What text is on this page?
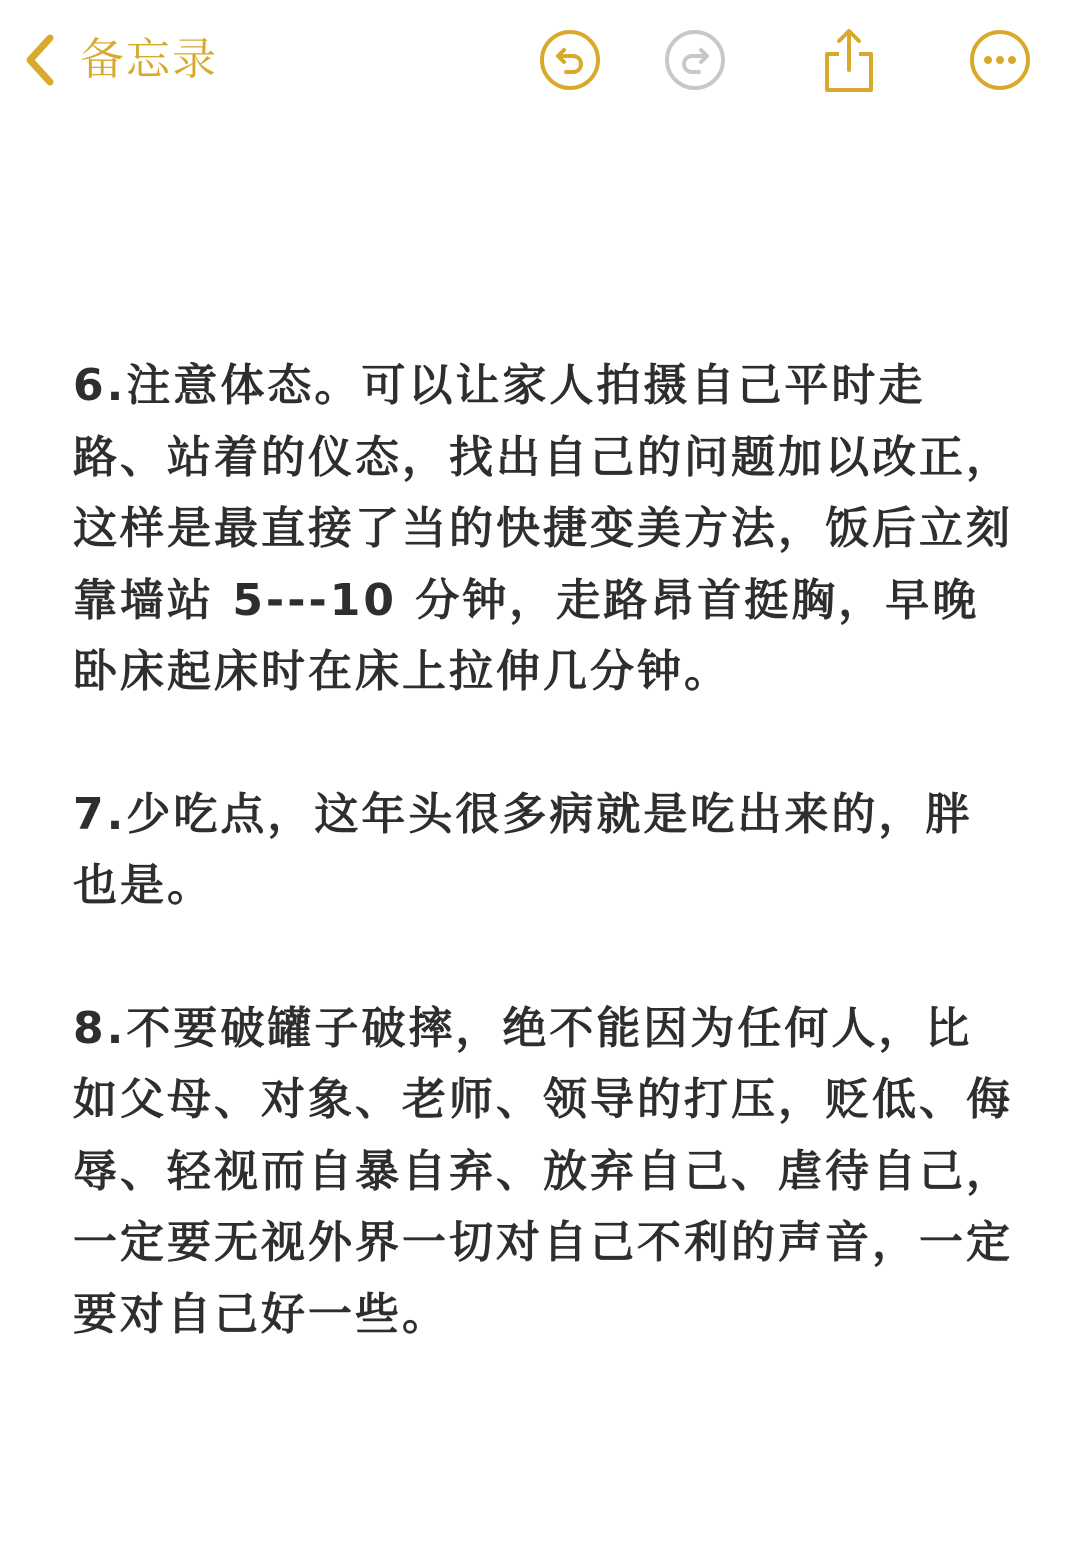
备忘录

6.注意体态。可以让家人拍摄自己平时走路、站着的仪态，找出自己的问题加以改正，这样是最直接了当的快捷变美方法，饭后立刻靠墙站 5---10 分钟，走路昂首挺胸，早晚卧床起床时在床上拉伸几分钟。

7.少吃点，这年头很多病就是吃出来的，胖也是。

8.不要破罐子破摔，绝不能因为任何人，比如父母、对象、老师、领导的打压，贬低、侮辱、轻视而自暴自弃、放弃自己、虐待自己，一定要无视外界一切对自己不利的声音，一定要对自己好一些。
